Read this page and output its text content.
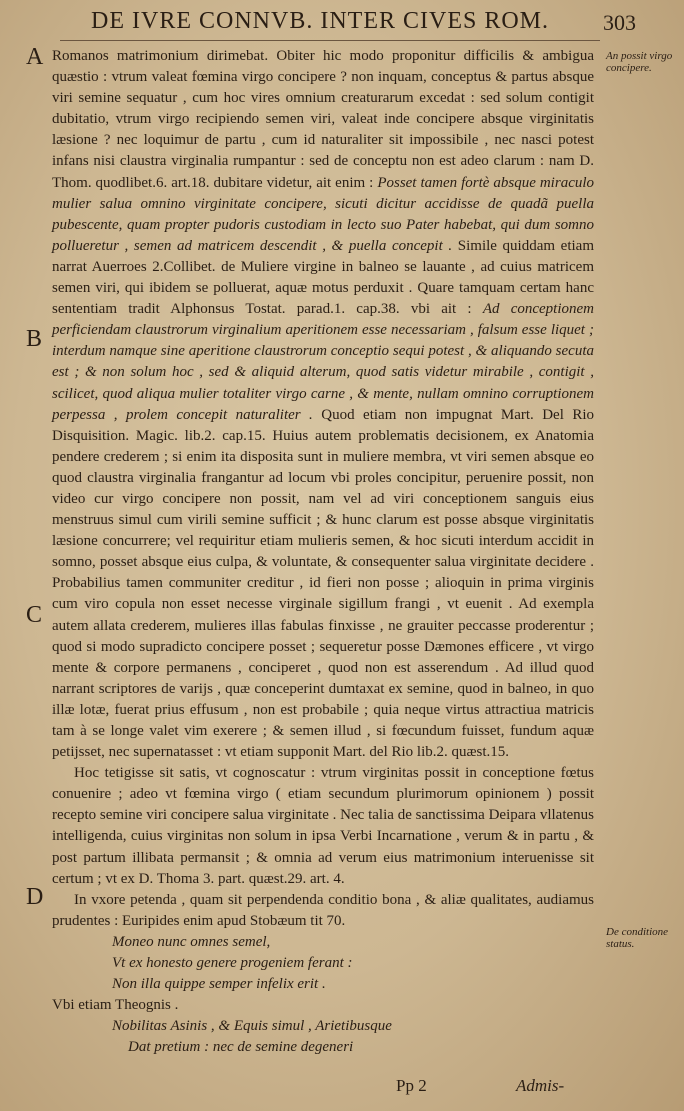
DE IVRE CONNVB. INTER CIVES ROM.	303
A
B
C
D
An possit virgo concipere.
De conditione status.

Romanos matrimonium dirimebat. Obiter hic modo proponitur difficilis & ambigua quæstio : vtrum valeat fœmina virgo concipere ? non inquam, conceptus & partus absque viri semine sequatur , cum hoc vires omnium creaturarum excedat : sed solum contigit dubitatio, vtrum virgo recipiendo semen viri, valeat inde concipere absque virginitatis læsione ? nec loquimur de partu , cum id naturaliter sit impossibile , nec nasci potest infans nisi claustra virginalia rumpantur : sed de conceptu non est adeo clarum : nam D. Thom. quodlibet.6. art.18. dubitare videtur, ait enim : Posset tamen fortè absque miraculo mulier salua omnino virginitate concipere, sicuti dicitur accidisse de quadã puella pubescente, quam propter pudoris custodiam in lecto suo Pater habebat, qui dum somno pollueretur , semen ad matricem descendit , & puella concepit . Simile quiddam etiam narrat Auerroes 2.Collibet. de Muliere virgine in balneo se lauante , ad cuius matricem semen viri, qui ibidem se polluerat, aquæ motus perduxit . Quare tamquam certam hanc sententiam tradit Alphonsus Tostat. parad.1. cap.38. vbi ait : Ad conceptionem perficiendam claustrorum virginalium aperitionem esse necessariam , falsum esse liquet ; interdum namque sine aperitione claustrorum conceptio sequi potest , & aliquando secuta est ; & non solum hoc , sed & aliquid alterum, quod satis videtur mirabile , contigit , scilicet, quod aliqua mulier totaliter virgo carne , & mente, nullam omnino corruptionem perpessa , prolem concepit naturaliter . Quod etiam non impugnat Mart. Del Rio Disquisition. Magic. lib.2. cap.15. Huius autem problematis decisionem, ex Anatomia pendere crederem ; si enim ita disposita sunt in muliere membra, vt viri semen absque eo quod claustra virginalia frangantur ad locum vbi proles concipitur, peruenire possit, non video cur virgo concipere non possit, nam vel ad viri conceptionem sanguis eius menstruus simul cum virili semine sufficit ; & hunc clarum est posse absque virginitatis læsione concurrere; vel requiritur etiam mulieris semen, & hoc sicuti interdum accidit in somno, posset absque eius culpa, & voluntate, & consequenter salua virginitate decidere . Probabilius tamen communiter creditur , id fieri non posse ; alioquin in prima virginis cum viro copula non esset necesse virginale sigillum frangi , vt euenit . Ad exempla autem allata crederem, mulieres illas fabulas finxisse , ne grauiter peccasse proderentur ; quod si modo supradicto concipere posset ; sequeretur posse Dæmones efficere , vt virgo mente & corpore permanens , conciperet , quod non est asserendum . Ad illud quod narrant scriptores de varijs , quæ conceperint dumtaxat ex semine, quod in balneo, in quo illæ lotæ, fuerat prius effusum , non est probabile ; quia neque virtus attractiua matricis tam à se longe valet vim exerere ; & semen illud , si fœcundum fuisset, fundum aquæ petijsset, nec supernatasset : vt etiam supponit Mart. del Rio lib.2. quæst.15.

Hoc tetigisse sit satis, vt cognoscatur : vtrum virginitas possit in conceptione fœtus conuenire ; adeo vt fœmina virgo ( etiam secundum plurimorum opinionem ) possit recepto semine viri concipere salua virginitate . Nec talia de sanctissima Deipara vllatenus intelligenda, cuius virginitas non solum in ipsa Verbi Incarnatione , verum & in partu , & post partum illibata permansit ; & omnia ad verum eius matrimonium interuenisse sit certum ; vt ex D. Thoma 3. part. quæst.29. art. 4.

In vxore petenda , quam sit perpendenda conditio bona , & aliæ qualitates, audiamus prudentes : Euripides enim apud Stobæum tit 70.

Moneo nunc omnes semel,
Vt ex honesto genere progeniem ferant :
Non illa quippe semper infelix erit .

Vbi etiam Theognis .

Nobilitas Asinis , & Equis simul , Arietibusque
Dat pretium : nec de semine degeneri
Pp 2	Admis-
